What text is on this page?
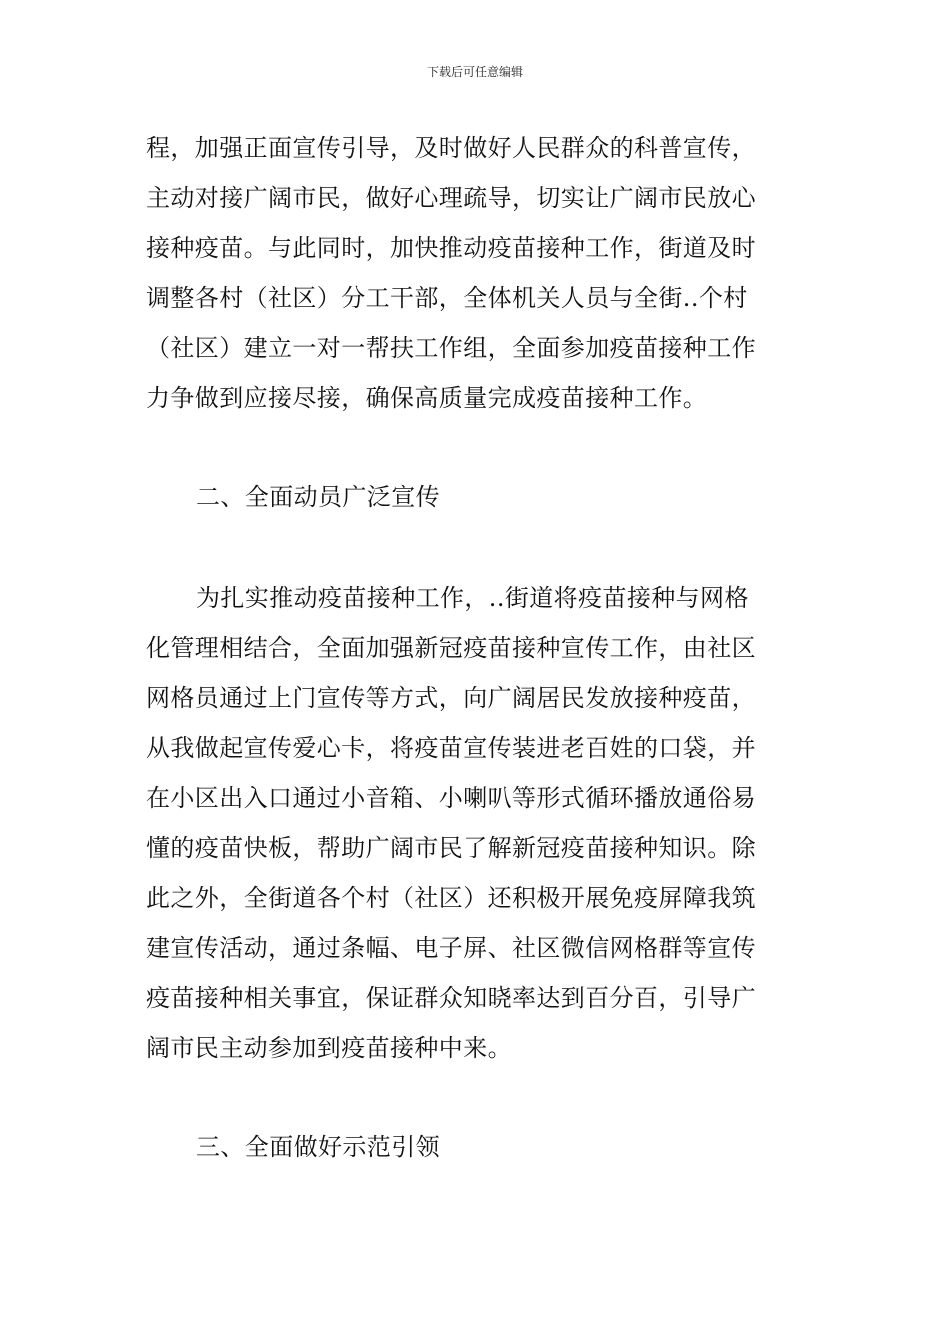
下载后可任意编辑
程，加强正面宣传引导，及时做好人民群众的科普宣传，
主动对接广阔市民，做好心理疏导，切实让广阔市民放心
接种疫苗。与此同时，加快推动疫苗接种工作，街道及时
调整各村（社区）分工干部，全体机关人员与全街..个村
（社区）建立一对一帮扶工作组，全面参加疫苗接种工作
力争做到应接尽接，确保高质量完成疫苗接种工作。
二、全面动员广泛宣传
为扎实推动疫苗接种工作，..街道将疫苗接种与网格
化管理相结合，全面加强新冠疫苗接种宣传工作，由社区
网格员通过上门宣传等方式，向广阔居民发放接种疫苗，
从我做起宣传爱心卡，将疫苗宣传装进老百姓的口袋，并
在小区出入口通过小音箱、小喇叭等形式循环播放通俗易
懂的疫苗快板，帮助广阔市民了解新冠疫苗接种知识。除
此之外，全街道各个村（社区）还积极开展免疫屏障我筑
建宣传活动，通过条幅、电子屏、社区微信网格群等宣传
疫苗接种相关事宜，保证群众知晓率达到百分百，引导广
阔市民主动参加到疫苗接种中来。
三、全面做好示范引领
